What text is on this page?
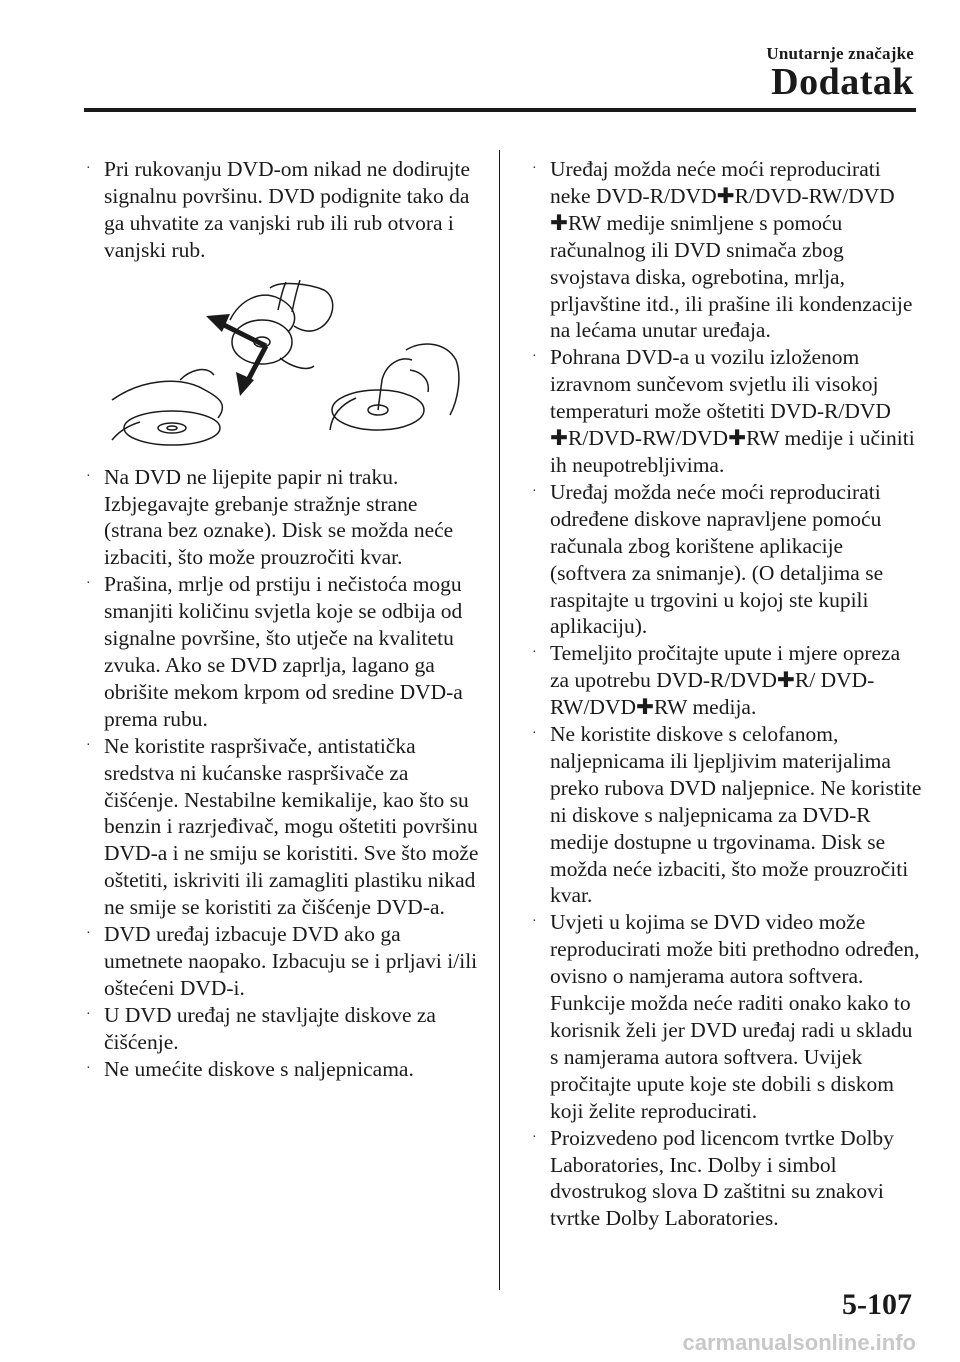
Unutarnje značajke
Dodatak
· Pri rukovanju DVD-om nikad ne dodirujte signalnu površinu. DVD podignite tako da ga uhvatite za vanjski rub ili rub otvora i vanjski rub.
· Na DVD ne lijepite papir ni traku. Izbjegavajte grebanje stražnje strane (strana bez oznake). Disk se možda neće izbaciti, što može prouzročiti kvar.
· Prašina, mrlje od prstiju i nečistoća mogu smanjiti količinu svjetla koje se odbija od signalne površine, što utječe na kvalitetu zvuka. Ako se DVD zaprlja, lagano ga obrišite mekom krpom od sredine DVD-a prema rubu.
· Ne koristite raspršivače, antistatička sredstva ni kućanske raspršivače za čišćenje. Nestabilne kemikalije, kao što su benzin i razrjeđivač, mogu oštetiti površinu DVD-a i ne smiju se koristiti. Sve što može oštetiti, iskriviti ili zamagliti plastiku nikad ne smije se koristiti za čišćenje DVD-a.
· DVD uređaj izbacuje DVD ako ga umetnete naopako. Izbacuju se i prljavi i/ili oštećeni DVD-i.
· U DVD uređaj ne stavljajte diskove za čišćenje.
· Ne umećite diskove s naljepnicama.
· Uređaj možda neće moći reproducirati neke DVD-R/DVD✚R/DVD-RW/DVD ✚RW medije snimljene s pomoću računalnog ili DVD snimača zbog svojstava diska, ogrebotina, mrlja, prljavštine itd., ili prašine ili kondenzacije na lećama unutar uređaja.
· Pohrana DVD-a u vozilu izloženom izravnom sunčevom svjetlu ili visokoj temperaturi može oštetiti DVD-R/DVD ✚R/DVD-RW/DVD✚RW medije i učiniti ih neupotrebljivima.
· Uređaj možda neće moći reproducirati određene diskove napravljene pomoću računala zbog korištene aplikacije (softvera za snimanje). (O detaljima se raspitajte u trgovini u kojoj ste kupili aplikaciju).
· Temeljito pročitajte upute i mjere opreza za upotrebu DVD-R/DVD✚R/ DVD-RW/DVD✚RW medija.
· Ne koristite diskove s celofanom, naljepnicama ili ljepljivim materijalima preko rubova DVD naljepnice. Ne koristite ni diskove s naljepnicama za DVD-R medije dostupne u trgovinama. Disk se možda neće izbaciti, što može prouzročiti kvar.
· Uvjeti u kojima se DVD video može reproducirati može biti prethodno određen, ovisno o namjerama autora softvera. Funkcije možda neće raditi onako kako to korisnik želi jer DVD uređaj radi u skladu s namjerama autora softvera. Uvijek pročitajte upute koje ste dobili s diskom koji želite reproducirati.
· Proizvedeno pod licencom tvrtke Dolby Laboratories, Inc. Dolby i simbol dvostrukog slova D zaštitni su znakovi tvrtke Dolby Laboratories.
5-107
carmanualsonline.info
